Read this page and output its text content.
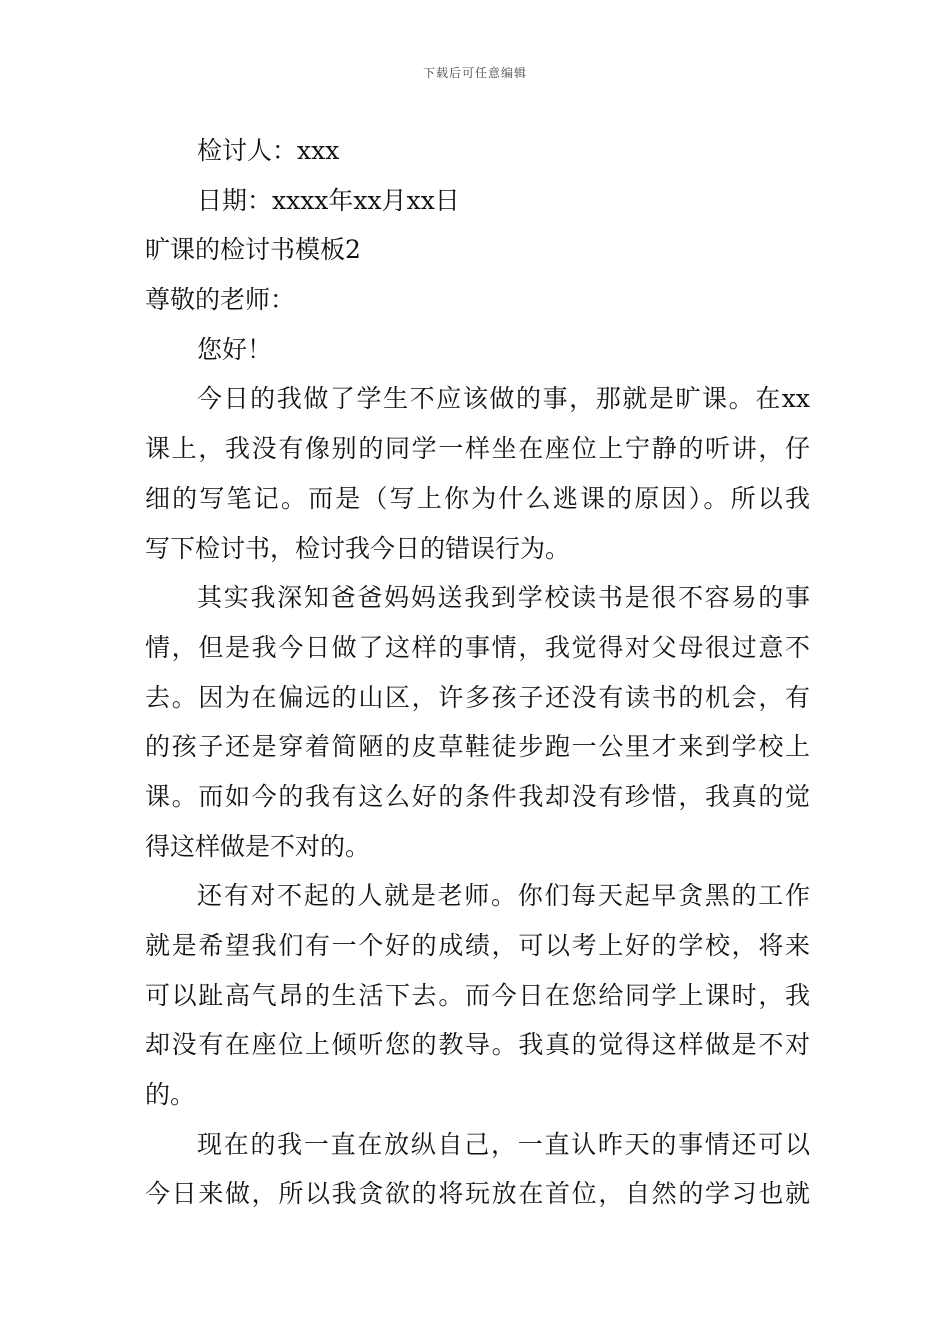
下载后可任意编辑
检讨人：xxx
日期：xxxx年xx月xx日
旷课的检讨书模板2
尊敬的老师：
您好！
今日的我做了学生不应该做的事，那就是旷课。在xx
课上，我没有像别的同学一样坐在座位上宁静的听讲，仔
细的写笔记。而是（写上你为什么逃课的原因）。所以我
写下检讨书，检讨我今日的错误行为。
其实我深知爸爸妈妈送我到学校读书是很不容易的事
情，但是我今日做了这样的事情，我觉得对父母很过意不
去。因为在偏远的山区，许多孩子还没有读书的机会，有
的孩子还是穿着简陋的皮草鞋徒步跑一公里才来到学校上
课。而如今的我有这么好的条件我却没有珍惜，我真的觉
得这样做是不对的。
还有对不起的人就是老师。你们每天起早贪黑的工作
就是希望我们有一个好的成绩，可以考上好的学校，将来
可以趾高气昂的生活下去。而今日在您给同学上课时，我
却没有在座位上倾听您的教导。我真的觉得这样做是不对
的。
现在的我一直在放纵自己，一直认昨天的事情还可以
今日来做，所以我贪欲的将玩放在首位，自然的学习也就
